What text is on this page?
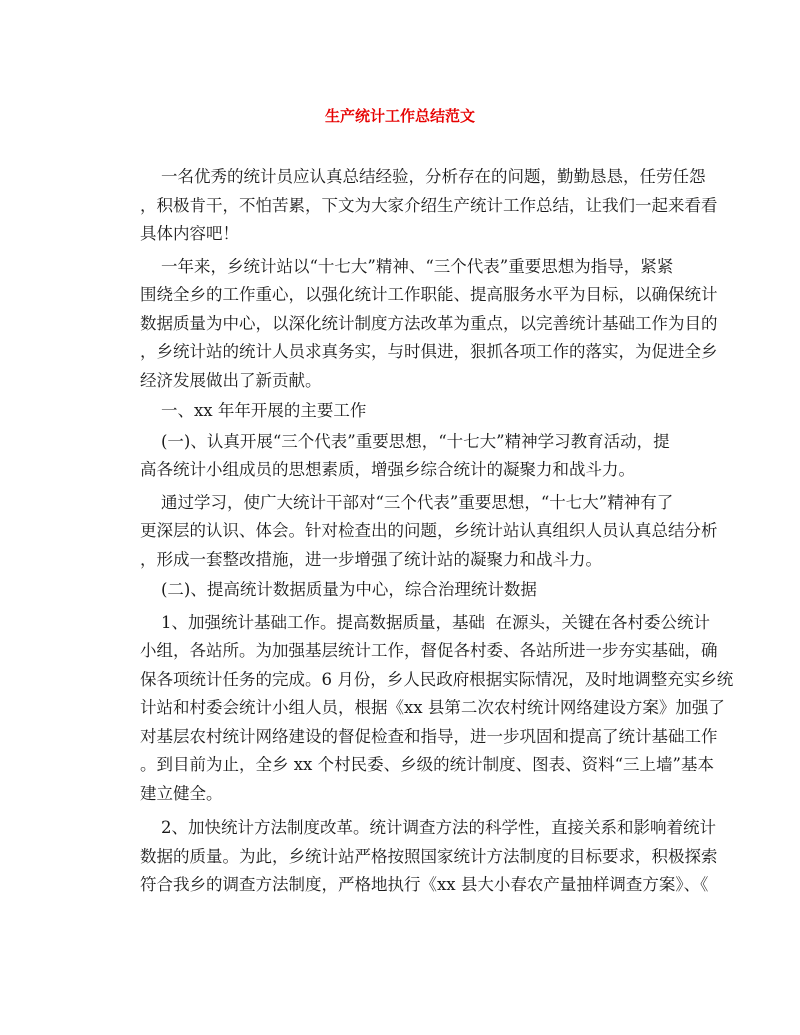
生产统计工作总结范文
一名优秀的统计员应认真总结经验，分析存在的问题，勤勤恳恳，任劳任怨
，积极肯干，不怕苦累，下文为大家介绍生产统计工作总结，让我们一起来看看
具体内容吧！
一年来，乡统计站以“十七大”精神、“三个代表”重要思想为指导，紧紧
围绕全乡的工作重心，以强化统计工作职能、提高服务水平为目标，以确保统计
数据质量为中心，以深化统计制度方法改革为重点，以完善统计基础工作为目的
，乡统计站的统计人员求真务实，与时俱进，狠抓各项工作的落实，为促进全乡
经济发展做出了新贡献。
一、xx 年年开展的主要工作
(一)、认真开展“三个代表”重要思想，“十七大”精神学习教育活动，提
高各统计小组成员的思想素质，增强乡综合统计的凝聚力和战斗力。
通过学习，使广大统计干部对“三个代表”重要思想，“十七大”精神有了
更深层的认识、体会。针对检查出的问题，乡统计站认真组织人员认真总结分析
，形成一套整改措施，进一步增强了统计站的凝聚力和战斗力。
(二)、提高统计数据质量为中心，综合治理统计数据
1、加强统计基础工作。提高数据质量，基础  在源头，关键在各村委公统计
小组，各站所。为加强基层统计工作，督促各村委、各站所进一步夯实基础，确
保各项统计任务的完成。6 月份，乡人民政府根据实际情况，及时地调整充实乡统
计站和村委会统计小组人员，根据《xx 县第二次农村统计网络建设方案》加强了
对基层农村统计网络建设的督促检查和指导，进一步巩固和提高了统计基础工作
。到目前为止，全乡 xx 个村民委、乡级的统计制度、图表、资料“三上墙”基本
建立健全。
2、加快统计方法制度改革。统计调查方法的科学性，直接关系和影响着统计
数据的质量。为此，乡统计站严格按照国家统计方法制度的目标要求，积极探索
符合我乡的调查方法制度，严格地执行《xx 县大小春农产量抽样调查方案》、《
